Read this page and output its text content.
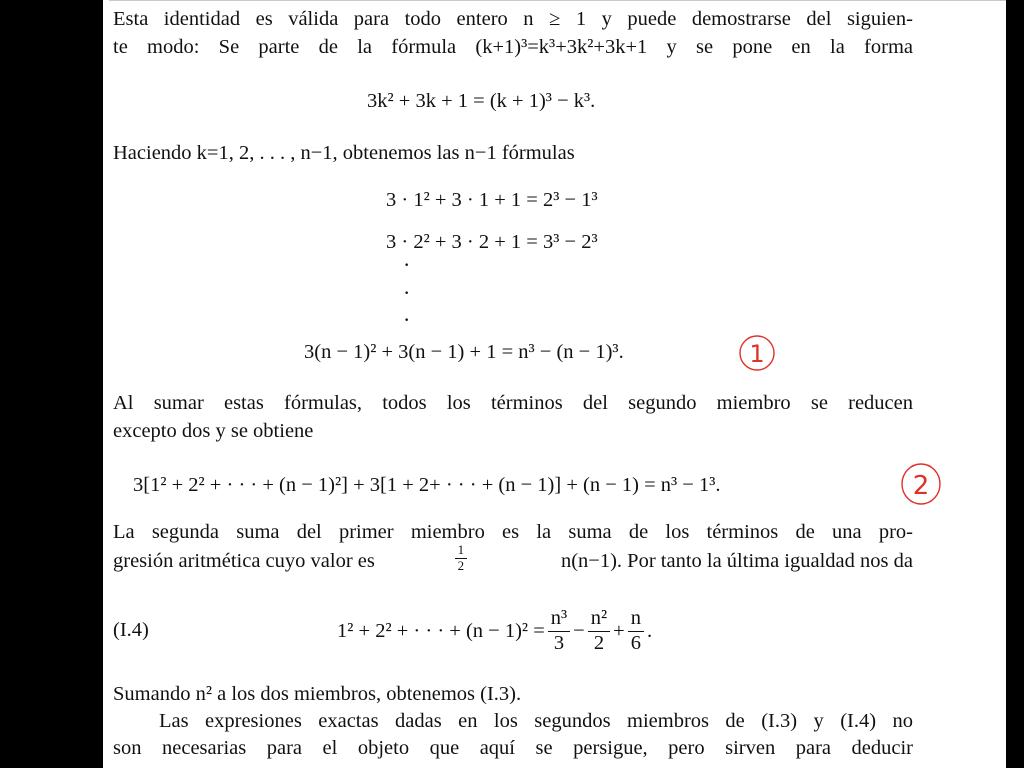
Esta identidad es válida para todo entero n ≥ 1 y puede demostrarse del siguien-
te modo: Se parte de la fórmula (k+1)³=k³+3k²+3k+1 y se pone en la forma
3k² + 3k + 1 = (k + 1)³ − k³.
Haciendo k=1, 2, . . . , n−1, obtenemos las n−1 fórmulas
3 · 1² + 3 · 1 + 1 = 2³ − 1³
3 · 2² + 3 · 2 + 1 = 3³ − 2³
·
·
·
3(n − 1)² + 3(n − 1) + 1 = n³ − (n − 1)³.	1
Al sumar estas fórmulas, todos los términos del segundo miembro se reducen
excepto dos y se obtiene
3[1² + 2² + · · · + (n − 1)²] + 3[1 + 2+ · · · + (n − 1)] + (n − 1) = n³ − 1³.	2
La segunda suma del primer miembro es la suma de los términos de una pro-
gresión aritmética cuyo valor es	$\frac{1}{2}$	n(n−1). Por tanto la última igualdad nos da
(I.4)	1² + 2² + · · · + $(n - 1)^2 = \frac{\text{n³}}{3} - \frac{\text{n²}}{2} + \frac{n}{6}$ .
Sumando n² a los dos miembros, obtenemos (I.3).
Las expresiones exactas dadas en los segundos miembros de (I.3) y (I.4) no
son necesarias para el objeto que aquí se persigue, pero sirven para deducir
